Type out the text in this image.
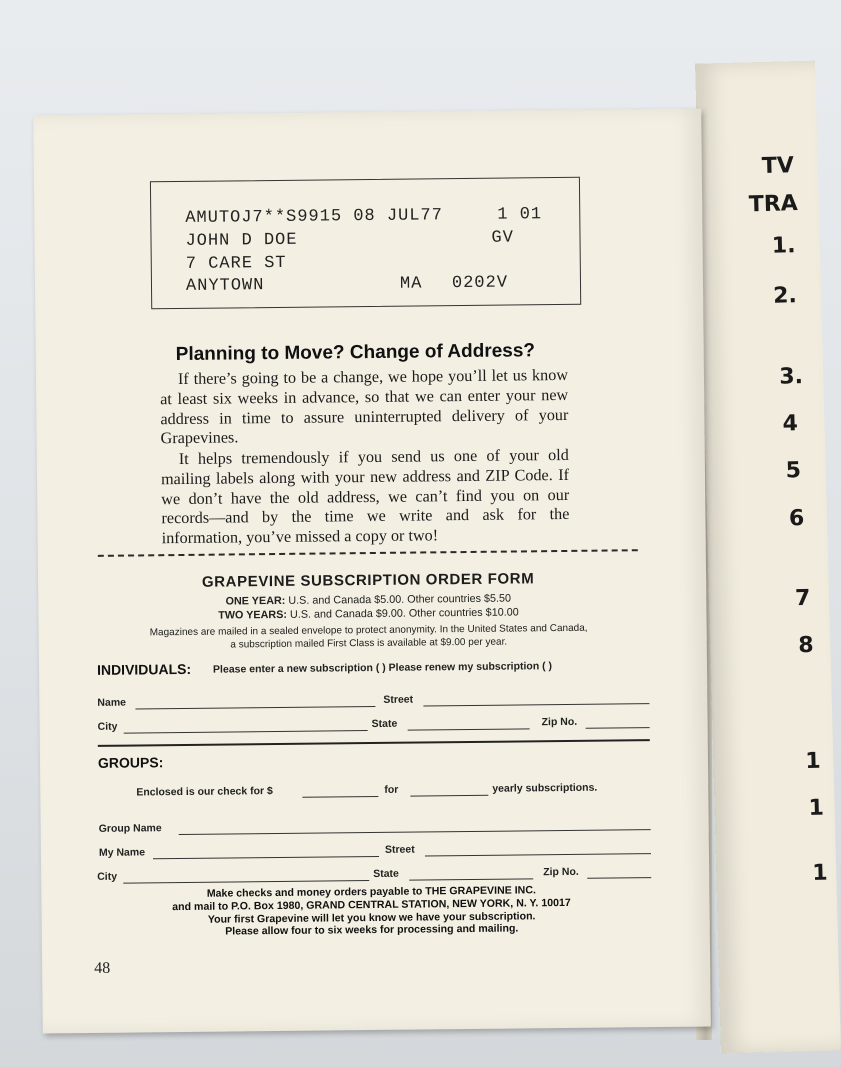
TV
TRA
1.
2.
3.
4
5
6
7
8
1
1
1
AMUTOJ7**S9915 08 JUL77	1 01
JOHN D DOE	GV
7 CARE ST
ANYTOWN	MA 0202V
Planning to Move? Change of Address?
If there’s going to be a change, we hope you’ll let us know at least six weeks in advance, so that we can enter your new address in time to assure uninterrupted delivery of your Grapevines.
It helps tremendously if you send us one of your old mailing labels along with your new address and ZIP Code. If we don’t have the old address, we can’t find you on our records—and by the time we write and ask for the information, you’ve missed a copy or two!
GRAPEVINE SUBSCRIPTION ORDER FORM
ONE YEAR: U.S. and Canada $5.00. Other countries $5.50
TWO YEARS: U.S. and Canada $9.00. Other countries $10.00
Magazines are mailed in a sealed envelope to protect anonymity. In the United States and Canada,
a subscription mailed First Class is available at $9.00 per year.
INDIVIDUALS: Please enter a new subscription ( ) Please renew my subscription ( )
Name	Street
City	State	Zip No.
GROUPS:
Enclosed is our check for $	for	yearly subscriptions.
Group Name
My Name	Street
City	State	Zip No.
Make checks and money orders payable to THE GRAPEVINE INC.
and mail to P.O. Box 1980, GRAND CENTRAL STATION, NEW YORK, N. Y. 10017
Your first Grapevine will let you know we have your subscription.
Please allow four to six weeks for processing and mailing.
48
